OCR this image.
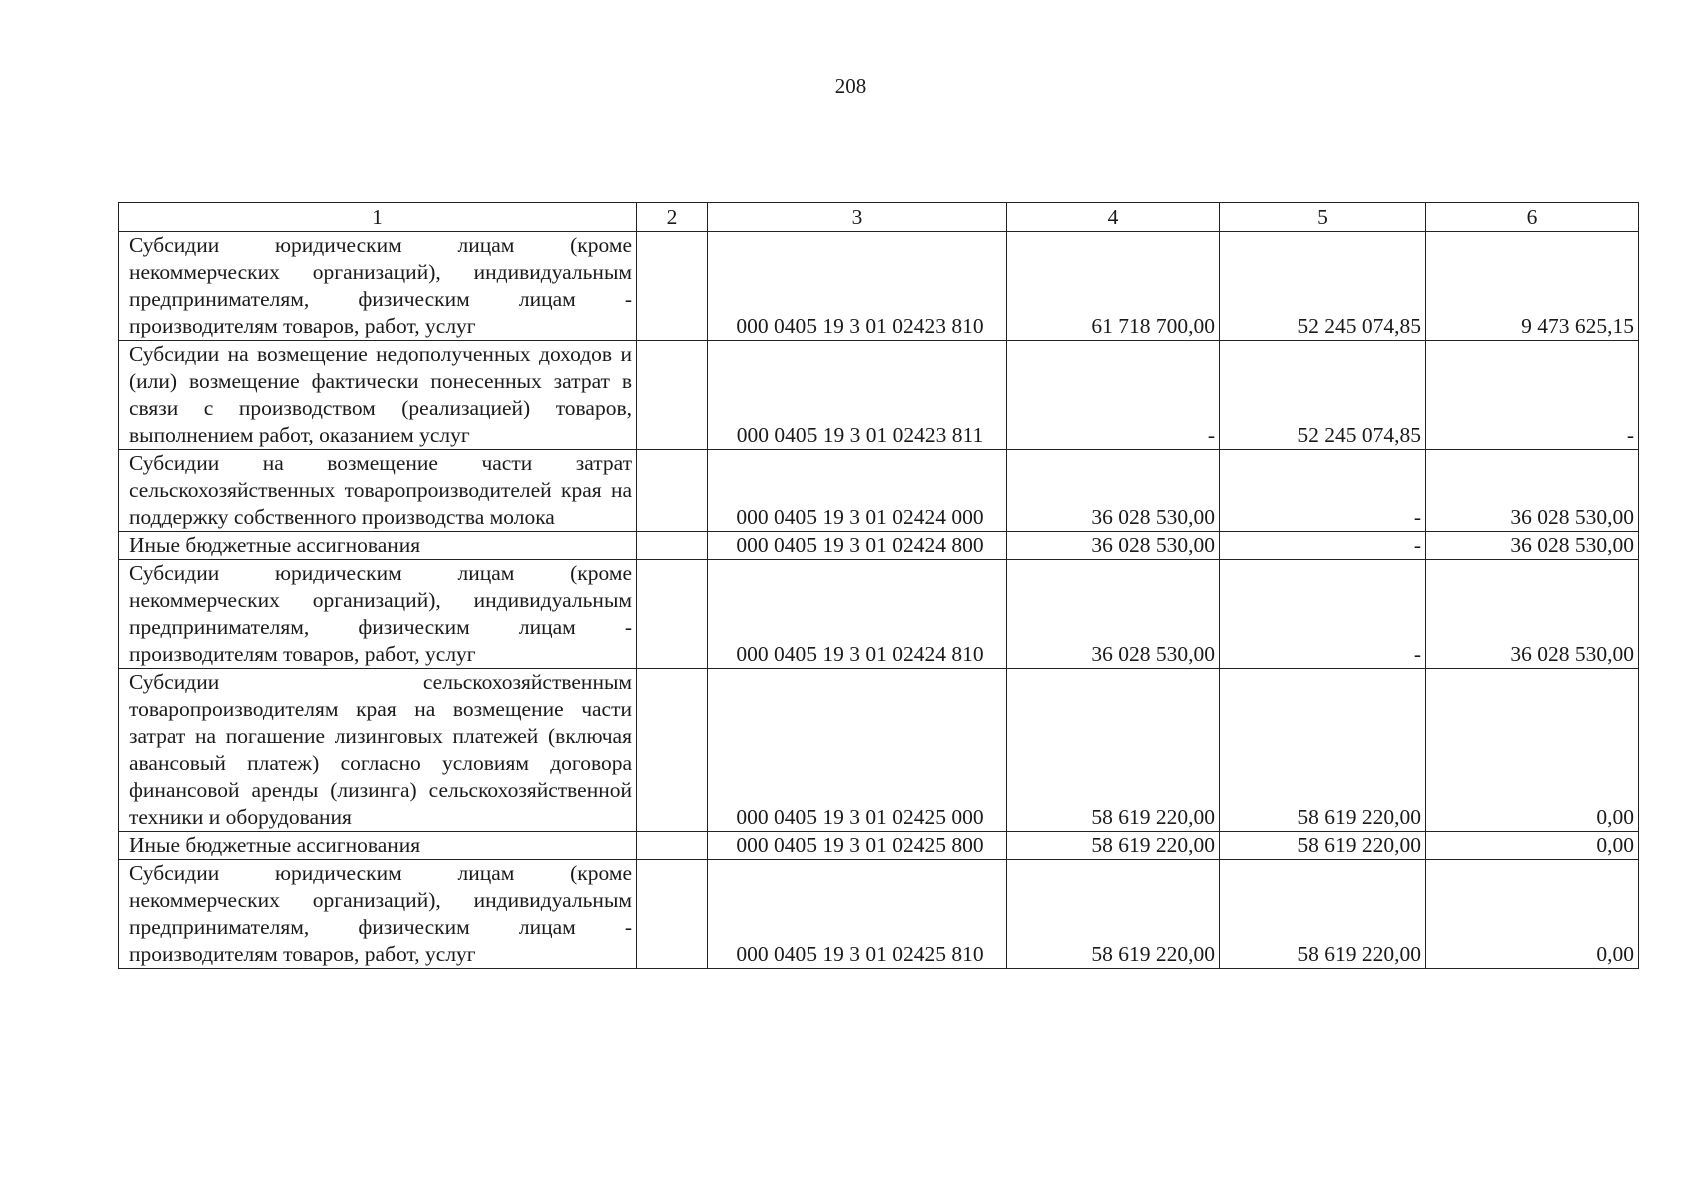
208
1	2	3	4	5	6
Субсидии юридическим лицам (кроме некоммерческих организаций), индивидуальным предпринимателям, физическим лицам - производителям товаров, работ, услуг		000 0405 19 3 01 02423 810	61 718 700,00	52 245 074,85	9 473 625,15
Субсидии на возмещение недополученных доходов и (или) возмещение фактически понесенных затрат в связи с производством (реализацией) товаров, выполнением работ, оказанием услуг		000 0405 19 3 01 02423 811	-	52 245 074,85	-
Субсидии на возмещение части затрат сельскохозяйственных товаропроизводителей края на поддержку собственного производства молока		000 0405 19 3 01 02424 000	36 028 530,00	-	36 028 530,00
Иные бюджетные ассигнования		000 0405 19 3 01 02424 800	36 028 530,00	-	36 028 530,00
Субсидии юридическим лицам (кроме некоммерческих организаций), индивидуальным предпринимателям, физическим лицам - производителям товаров, работ, услуг		000 0405 19 3 01 02424 810	36 028 530,00	-	36 028 530,00
Субсидии сельскохозяйственным товаропроизводителям края на возмещение части затрат на погашение лизинговых платежей (включая авансовый платеж) согласно условиям договора финансовой аренды (лизинга) сельскохозяйственной техники и оборудования		000 0405 19 3 01 02425 000	58 619 220,00	58 619 220,00	0,00
Иные бюджетные ассигнования		000 0405 19 3 01 02425 800	58 619 220,00	58 619 220,00	0,00
Субсидии юридическим лицам (кроме некоммерческих организаций), индивидуальным предпринимателям, физическим лицам - производителям товаров, работ, услуг		000 0405 19 3 01 02425 810	58 619 220,00	58 619 220,00	0,00
